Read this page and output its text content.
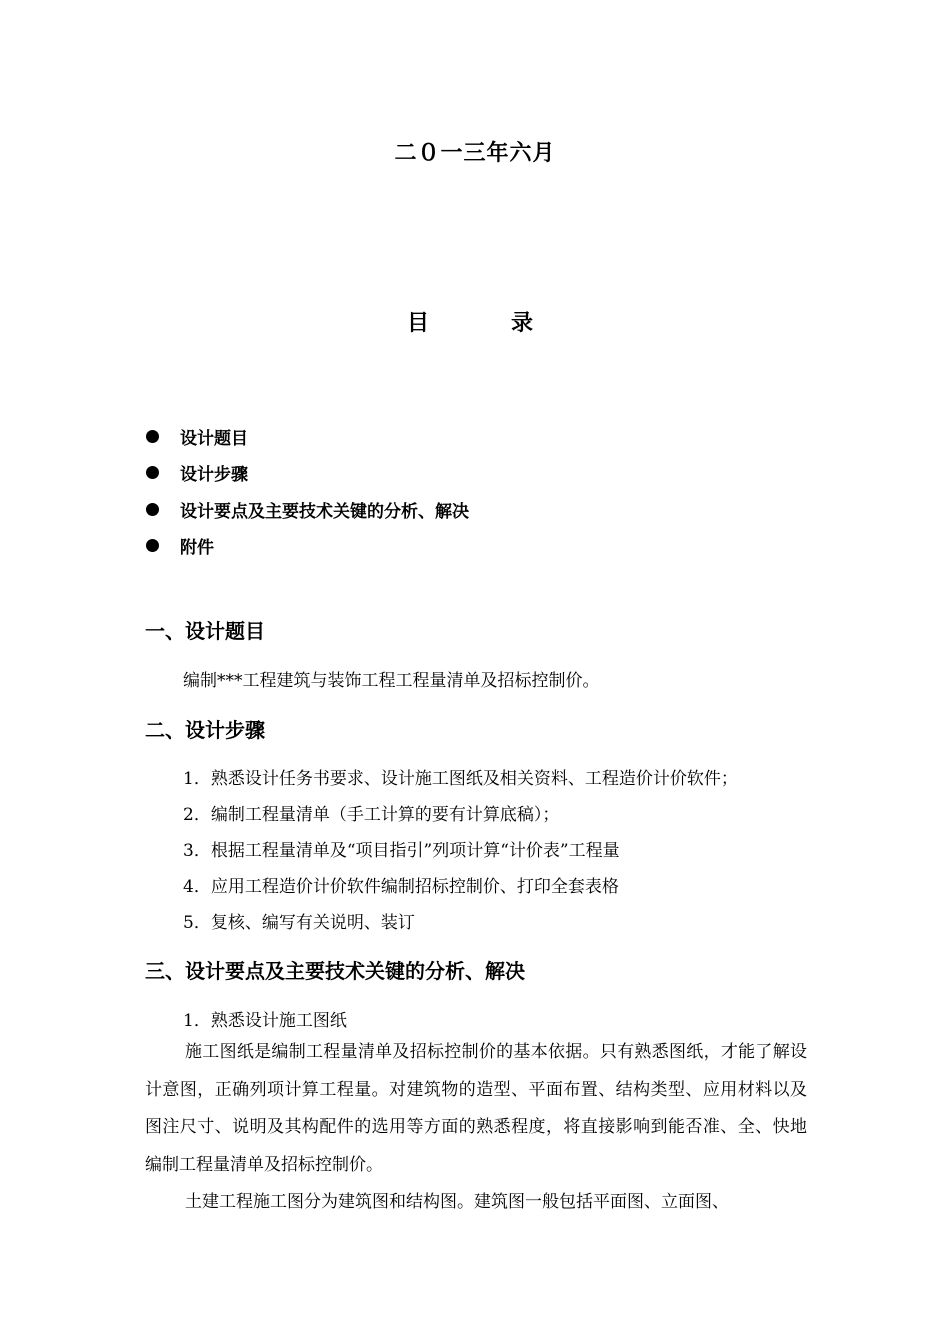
二０一三年六月
目　录
设计题目
设计步骤
设计要点及主要技术关键的分析、解决
附件
一、设计题目
编制***工程建筑与装饰工程工程量清单及招标控制价。
二、设计步骤
1．熟悉设计任务书要求、设计施工图纸及相关资料、工程造价计价软件；
2．编制工程量清单（手工计算的要有计算底稿）；
3．根据工程量清单及“项目指引”列项计算“计价表”工程量
4．应用工程造价计价软件编制招标控制价、打印全套表格
5．复核、编写有关说明、装订
三、设计要点及主要技术关键的分析、解决
1．熟悉设计施工图纸

施工图纸是编制工程量清单及招标控制价的基本依据。只有熟悉图纸，才能了解设计意图，正确列项计算工程量。对建筑物的造型、平面布置、结构类型、应用材料以及图注尺寸、说明及其构配件的选用等方面的熟悉程度，将直接影响到能否准、全、快地编制工程量清单及招标控制价。

土建工程施工图分为建筑图和结构图。建筑图一般包括平面图、立面图、
